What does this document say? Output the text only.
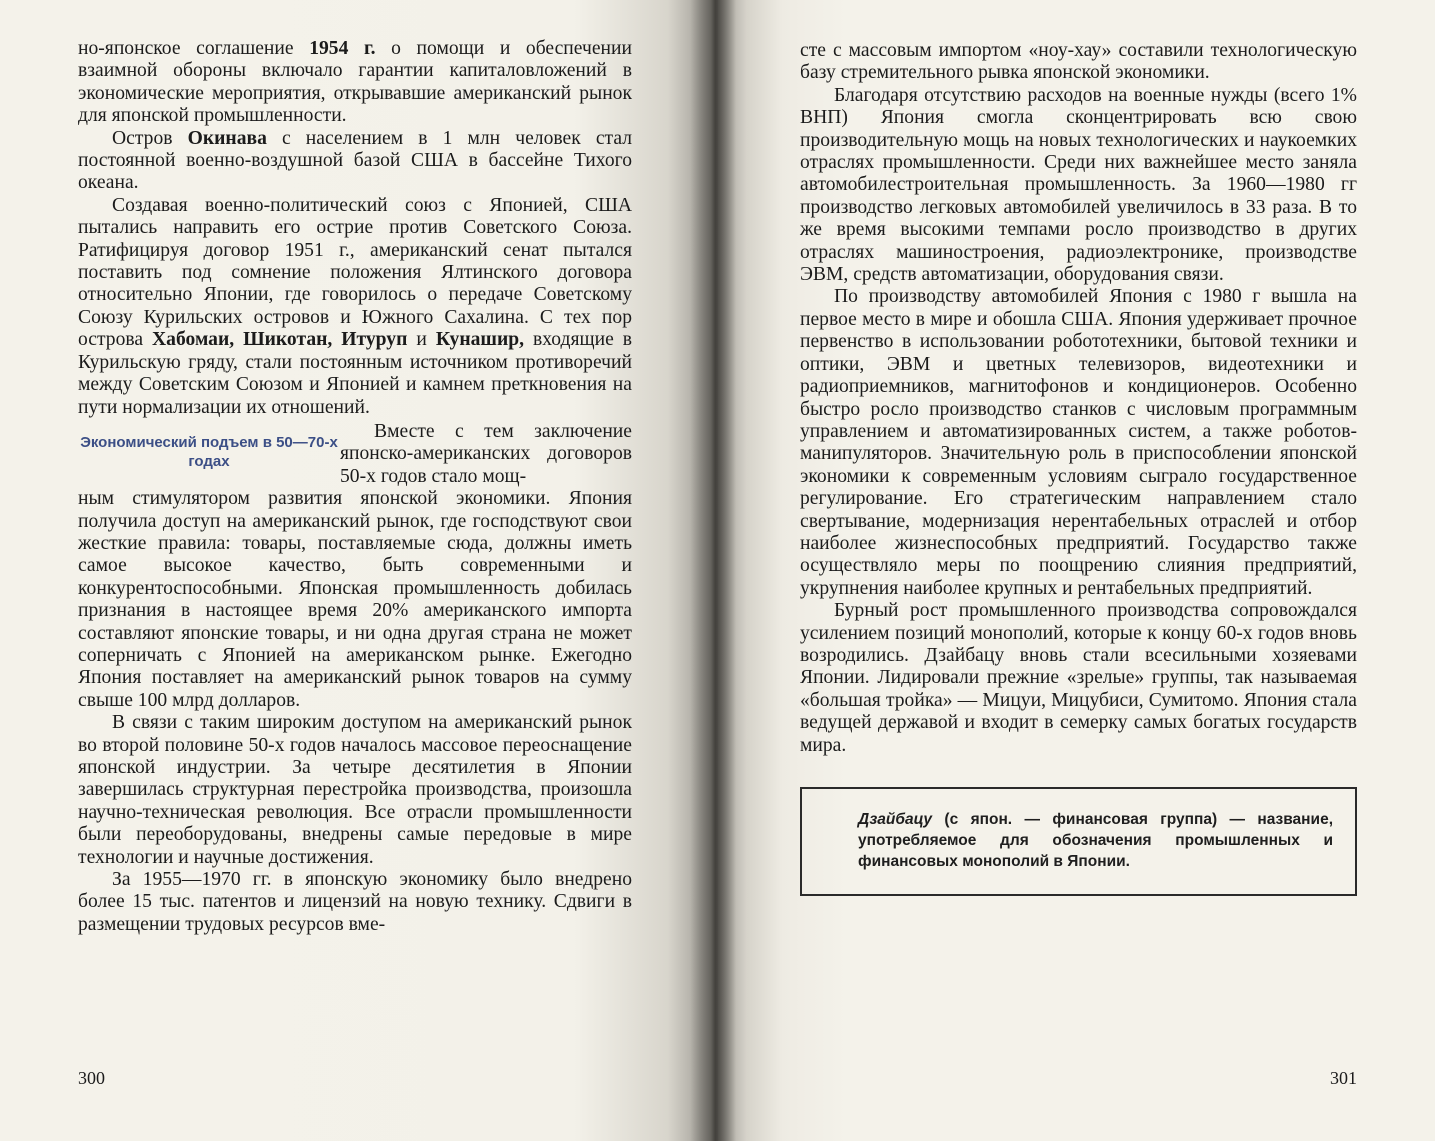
но-японское соглашение 1954 г. о помощи и обеспечении взаимной обороны включало гарантии капиталовложений в экономические мероприятия, открывавшие американский рынок для японской промышленности.

Остров Окинава с населением в 1 млн человек стал постоянной военно-воздушной базой США в бассейне Тихого океана.

Создавая военно-политический союз с Японией, США пытались направить его острие против Советского Союза. Ратифицируя договор 1951 г., американский сенат пытался поставить под сомнение положения Ялтинского договора относительно Японии, где говорилось о передаче Советскому Союзу Курильских островов и Южного Сахалина. С тех пор острова Хабомаи, Шикотан, Итуруп и Кунашир, входящие в Курильскую гряду, стали постоянным источником противоречий между Советским Союзом и Японией и камнем преткновения на пути нормализации их отношений.

Экономический подъем в 50—70-х годах

Вместе с тем заключение японско-американских договоров 50-х годов стало мощ-

ным стимулятором развития японской экономики. Япония получила доступ на американский рынок, где господствуют свои жесткие правила: товары, поставляемые сюда, должны иметь самое высокое качество, быть современными и конкурентоспособными. Японская промышленность добилась признания в настоящее время 20% американского импорта составляют японские товары, и ни одна другая страна не может соперничать с Японией на американском рынке. Ежегодно Япония поставляет на американский рынок товаров на сумму свыше 100 млрд долларов.

В связи с таким широким доступом на американский рынок во второй половине 50-х годов началось массовое переоснащение японской индустрии. За четыре десятилетия в Японии завершилась структурная перестройка производства, произошла научно-техническая революция. Все отрасли промышленности были переоборудованы, внедрены самые передовые в мире технологии и научные достижения.

За 1955—1970 гг. в японскую экономику было внедрено более 15 тыс. патентов и лицензий на новую технику. Сдвиги в размещении трудовых ресурсов вме-

300

сте с массовым импортом «ноу-хау» составили технологическую базу стремительного рывка японской экономики.

Благодаря отсутствию расходов на военные нужды (всего 1% ВНП) Япония смогла сконцентрировать всю свою производительную мощь на новых технологических и наукоемких отраслях промышленности. Среди них важнейшее место заняла автомобилестроительная промышленность. За 1960—1980 гг производство легковых автомобилей увеличилось в 33 раза. В то же время высокими темпами росло производство в других отраслях машиностроения, радиоэлектронике, производстве ЭВМ, средств автоматизации, оборудования связи.

По производству автомобилей Япония с 1980 г вышла на первое место в мире и обошла США. Япония удерживает прочное первенство в использовании робототехники, бытовой техники и оптики, ЭВМ и цветных телевизоров, видеотехники и радиоприемников, магнитофонов и кондиционеров. Особенно быстро росло производство станков с числовым программным управлением и автоматизированных систем, а также роботов-манипуляторов. Значительную роль в приспособлении японской экономики к современным условиям сыграло государственное регулирование. Его стратегическим направлением стало свертывание, модернизация нерентабельных отраслей и отбор наиболее жизнеспособных предприятий. Государство также осуществляло меры по поощрению слияния предприятий, укрупнения наиболее крупных и рентабельных предприятий.

Бурный рост промышленного производства сопровождался усилением позиций монополий, которые к концу 60-х годов вновь возродились. Дзайбацу вновь стали всесильными хозяевами Японии. Лидировали прежние «зрелые» группы, так называемая «большая тройка» — Мицуи, Мицубиси, Сумитомо. Япония стала ведущей державой и входит в семерку самых богатых государств мира.

Дзайбацу (с япон. — финансовая группа) — название, употребляемое для обозначения промышленных и финансовых монополий в Японии.
301
